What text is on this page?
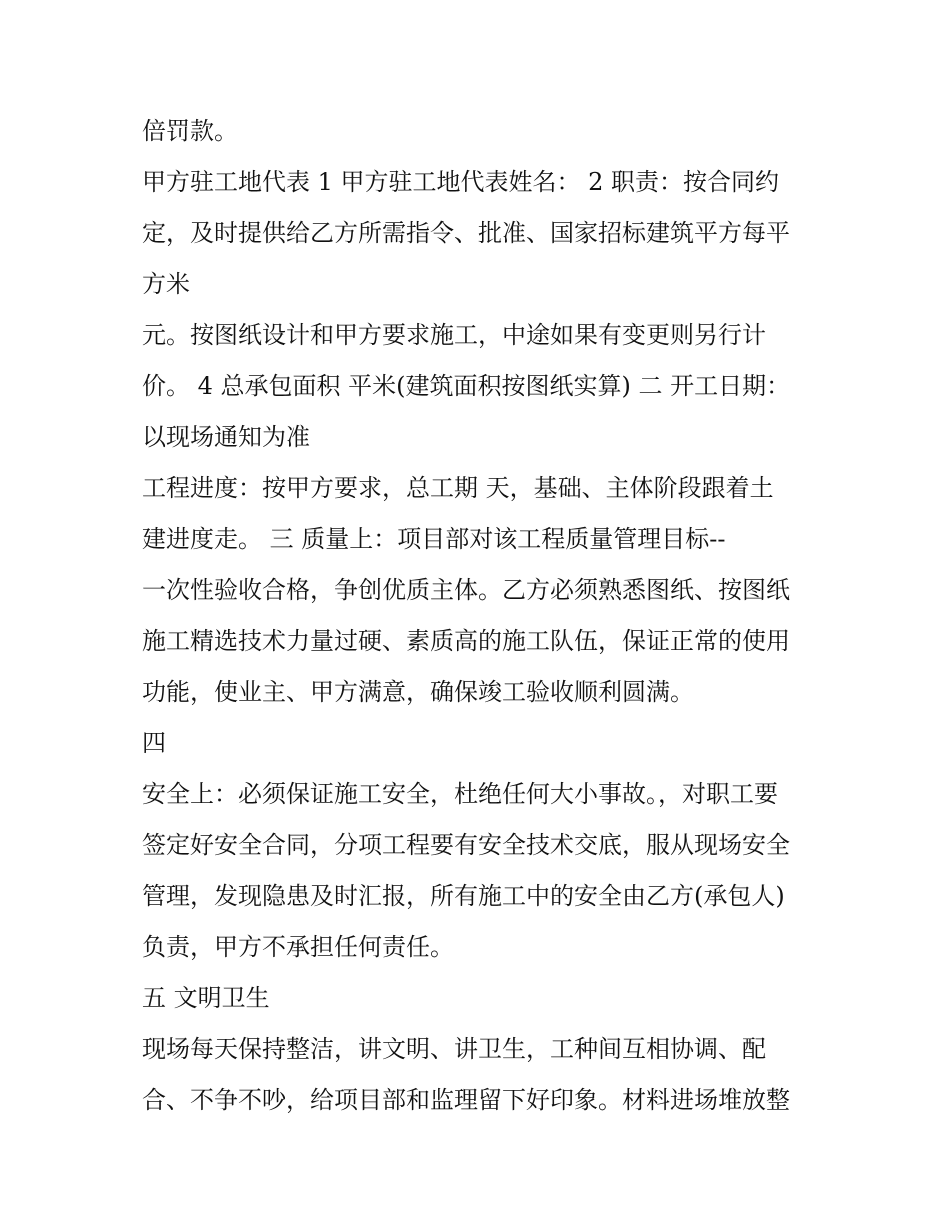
倍罚款。
甲方驻工地代表 1 甲方驻工地代表姓名： 2 职责：按合同约
定，及时提供给乙方所需指令、批准、国家招标建筑平方每平
方米
元。按图纸设计和甲方要求施工，中途如果有变更则另行计
价。 4 总承包面积 平米(建筑面积按图纸实算) 二 开工日期：
以现场通知为准
工程进度：按甲方要求，总工期 天，基础、主体阶段跟着土
建进度走。 三 质量上：项目部对该工程质量管理目标--
一次性验收合格，争创优质主体。乙方必须熟悉图纸、按图纸
施工精选技术力量过硬、素质高的施工队伍，保证正常的使用
功能，使业主、甲方满意，确保竣工验收顺利圆满。
四
安全上：必须保证施工安全，杜绝任何大小事故。，对职工要
签定好安全合同，分项工程要有安全技术交底，服从现场安全
管理，发现隐患及时汇报，所有施工中的安全由乙方(承包人)
负责，甲方不承担任何责任。
五 文明卫生
现场每天保持整洁，讲文明、讲卫生，工种间互相协调、配
合、不争不吵，给项目部和监理留下好印象。材料进场堆放整
